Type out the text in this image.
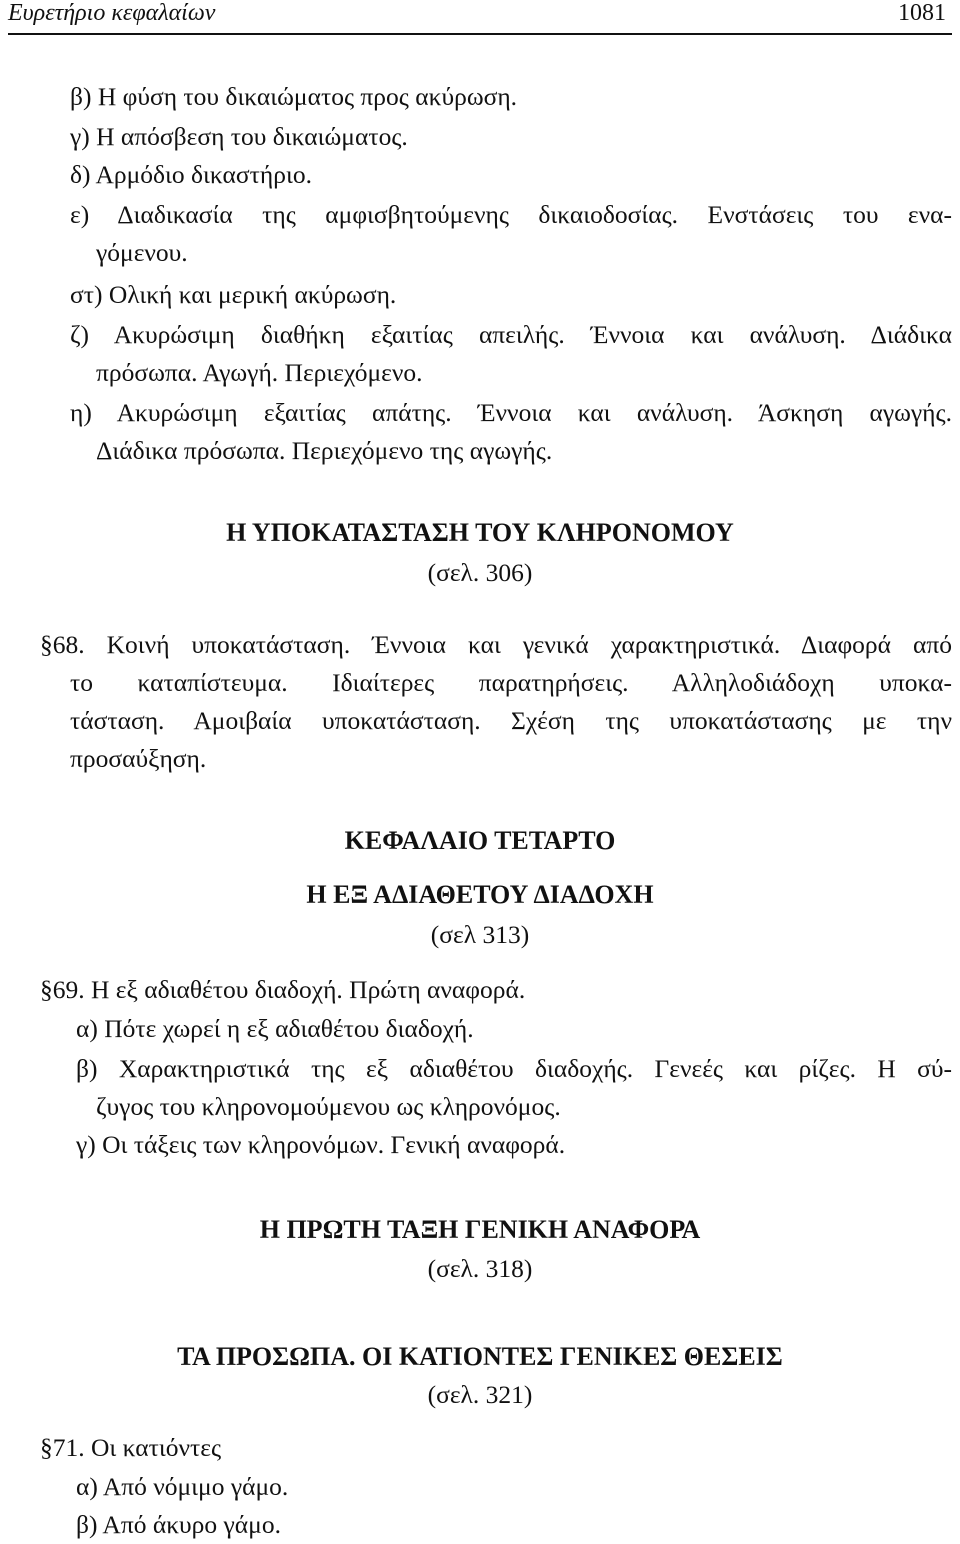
Ευρετήριο κεφαλαίων	1081
β) Η φύση του δικαιώματος προς ακύρωση.
γ) Η απόσβεση του δικαιώματος.
δ) Αρμόδιο δικαστήριο.
ε) Διαδικασία της αμφισβητούμενης δικαιοδοσίας. Ενστάσεις του ενα-
γόμενου.
στ) Ολική και μερική ακύρωση.
ζ) Ακυρώσιμη διαθήκη εξαιτίας απειλής. Έννοια και ανάλυση. Διάδικα
πρόσωπα. Αγωγή. Περιεχόμενο.
η) Ακυρώσιμη εξαιτίας απάτης. Έννοια και ανάλυση. Άσκηση αγωγής.
Διάδικα πρόσωπα. Περιεχόμενο της αγωγής.
Η ΥΠΟΚΑΤΑΣΤΑΣΗ ΤΟΥ ΚΛΗΡΟΝΟΜΟΥ
(σελ. 306)
§68. Κοινή υποκατάσταση. Έννοια και γενικά χαρακτηριστικά. Διαφορά από
το καταπίστευμα. Ιδιαίτερες παρατηρήσεις. Αλληλοδιάδοχη υποκα-
τάσταση. Αμοιβαία υποκατάσταση. Σχέση της υποκατάστασης με την
προσαύξηση.
ΚΕΦΑΛΑΙΟ ΤΕΤΑΡΤΟ
Η ΕΞ ΑΔΙΑΘΕΤΟΥ ΔΙΑΔΟΧΗ
(σελ 313)
§69. Η εξ αδιαθέτου διαδοχή. Πρώτη αναφορά.
α) Πότε χωρεί η εξ αδιαθέτου διαδοχή.
β) Χαρακτηριστικά της εξ αδιαθέτου διαδοχής. Γενεές και ρίζες. Η σύ-
ζυγος του κληρονομούμενου ως κληρονόμος.
γ) Οι τάξεις των κληρονόμων. Γενική αναφορά.
Η ΠΡΩΤΗ ΤΑΞΗ ΓΕΝΙΚΗ ΑΝΑΦΟΡΑ
(σελ. 318)
ΤΑ ΠΡΟΣΩΠΑ. ΟΙ ΚΑΤΙΟΝΤΕΣ ΓΕΝΙΚΕΣ ΘΕΣΕΙΣ
(σελ. 321)
§71. Οι κατιόντες
α) Από νόμιμο γάμο.
β) Από άκυρο γάμο.
